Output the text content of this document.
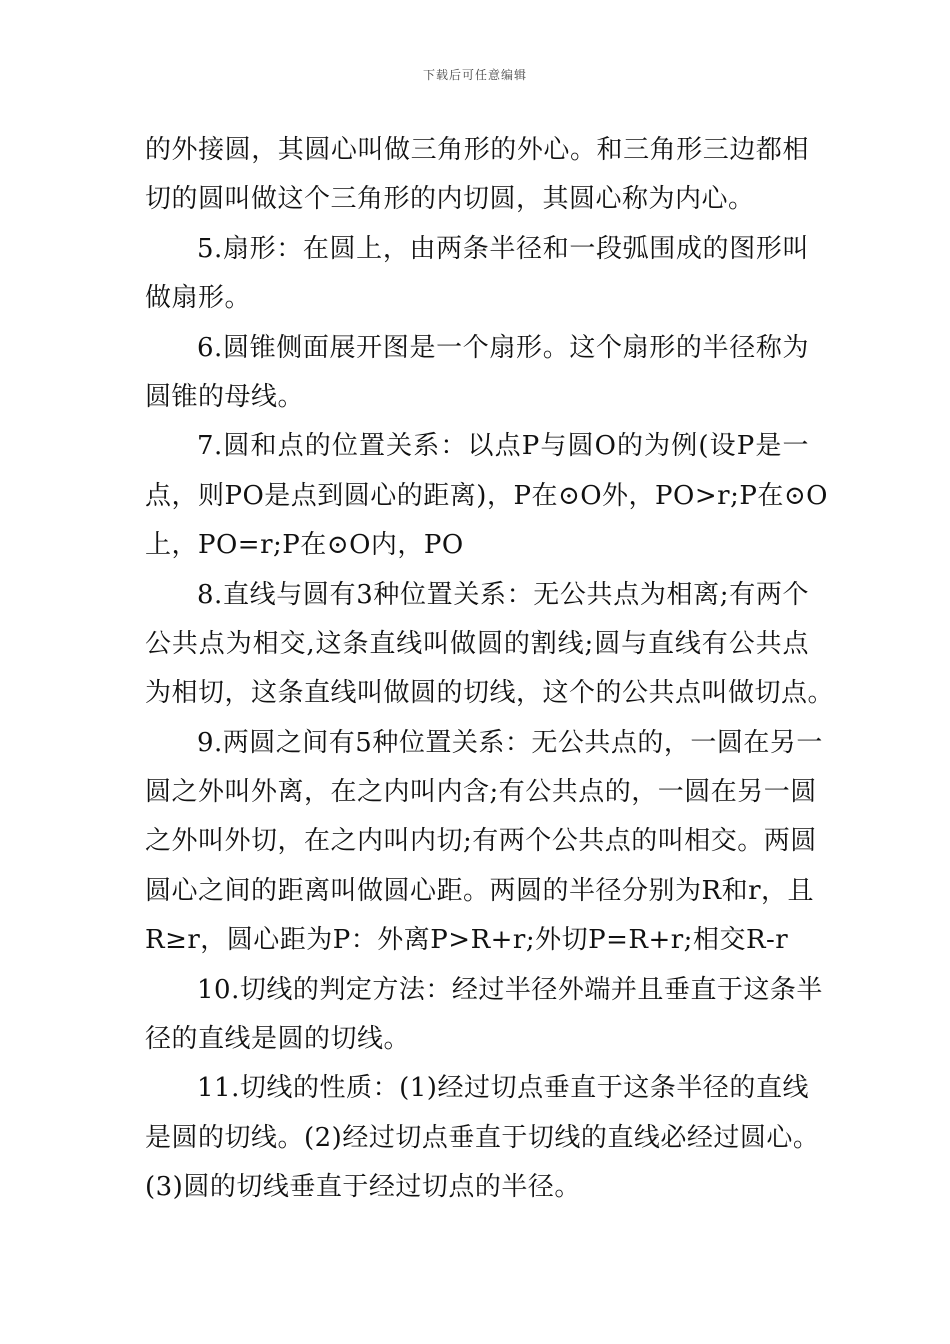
下载后可任意编辑
的外接圆，其圆心叫做三角形的外心。和三角形三边都相
切的圆叫做这个三角形的内切圆，其圆心称为内心。
5.扇形：在圆上，由两条半径和一段弧围成的图形叫
做扇形。
6.圆锥侧面展开图是一个扇形。这个扇形的半径称为
圆锥的母线。
7.圆和点的位置关系：以点P与圆O的为例(设P是一
点，则PO是点到圆心的距离)，P在⊙O外，PO>r;P在⊙O
上，PO=r;P在⊙O内，PO
8.直线与圆有3种位置关系：无公共点为相离;有两个
公共点为相交,这条直线叫做圆的割线;圆与直线有公共点
为相切，这条直线叫做圆的切线，这个的公共点叫做切点。
9.两圆之间有5种位置关系：无公共点的，一圆在另一
圆之外叫外离，在之内叫内含;有公共点的，一圆在另一圆
之外叫外切，在之内叫内切;有两个公共点的叫相交。两圆
圆心之间的距离叫做圆心距。两圆的半径分别为R和r，且
R≥r，圆心距为P：外离P>R+r;外切P=R+r;相交R-r
10.切线的判定方法：经过半径外端并且垂直于这条半
径的直线是圆的切线。
11.切线的性质：(1)经过切点垂直于这条半径的直线
是圆的切线。(2)经过切点垂直于切线的直线必经过圆心。
(3)圆的切线垂直于经过切点的半径。
